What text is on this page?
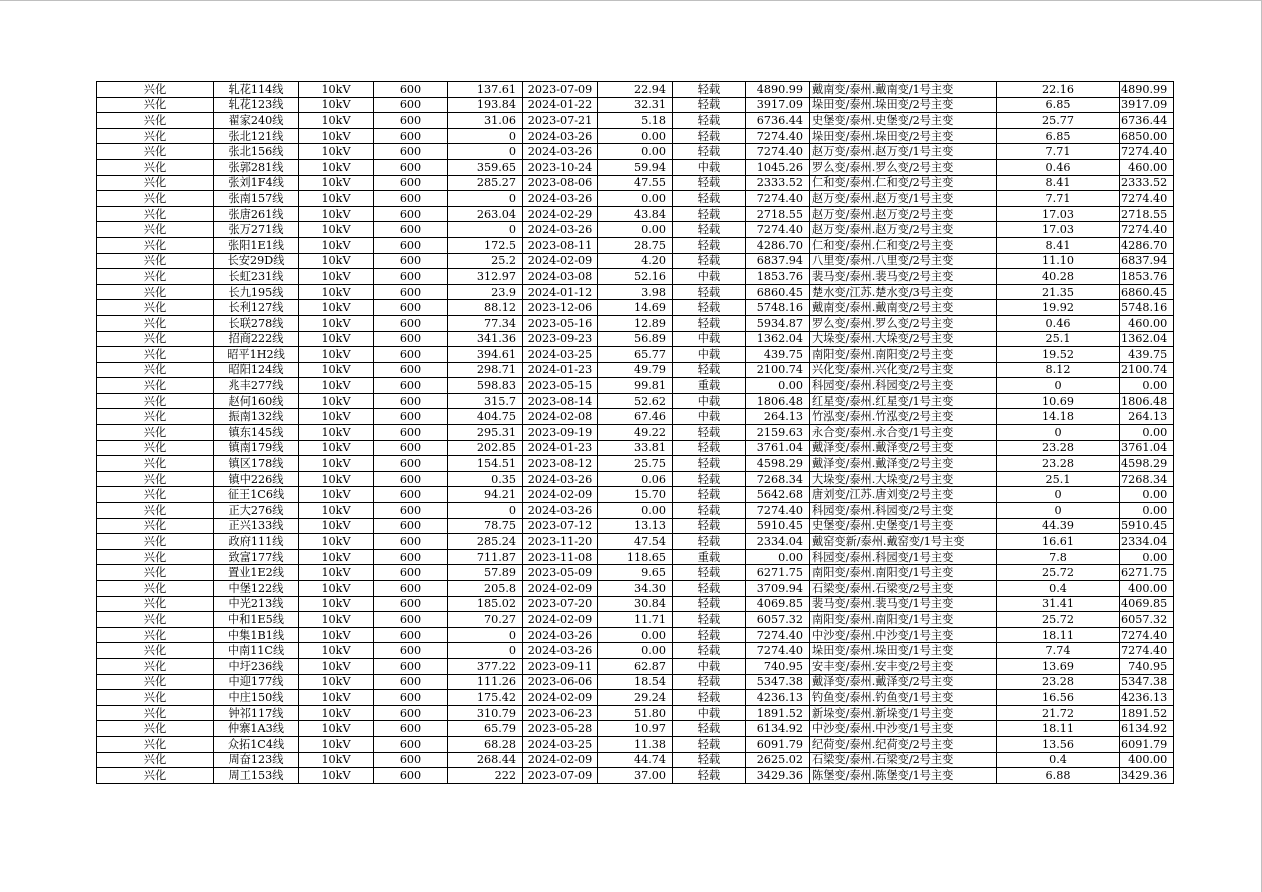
兴化	轧花114线	10kV	600	137.61	2023-07-09	22.94	轻载	4890.99	戴南变/泰州.戴南变/1号主变	22.16	4890.99
兴化	轧花123线	10kV	600	193.84	2024-01-22	32.31	轻载	3917.09	垛田变/泰州.垛田变/2号主变	6.85	3917.09
兴化	翟家240线	10kV	600	31.06	2023-07-21	5.18	轻载	6736.44	史堡变/泰州.史堡变/2号主变	25.77	6736.44
兴化	张北121线	10kV	600	0	2024-03-26	0.00	轻载	7274.40	垛田变/泰州.垛田变/2号主变	6.85	6850.00
兴化	张北156线	10kV	600	0	2024-03-26	0.00	轻载	7274.40	赵万变/泰州.赵万变/1号主变	7.71	7274.40
兴化	张郭281线	10kV	600	359.65	2023-10-24	59.94	中载	1045.26	罗么变/泰州.罗么变/2号主变	0.46	460.00
兴化	张刘1F4线	10kV	600	285.27	2023-08-06	47.55	轻载	2333.52	仁和变/泰州.仁和变/2号主变	8.41	2333.52
兴化	张南157线	10kV	600	0	2024-03-26	0.00	轻载	7274.40	赵万变/泰州.赵万变/1号主变	7.71	7274.40
兴化	张唐261线	10kV	600	263.04	2024-02-29	43.84	轻载	2718.55	赵万变/泰州.赵万变/2号主变	17.03	2718.55
兴化	张万271线	10kV	600	0	2024-03-26	0.00	轻载	7274.40	赵万变/泰州.赵万变/2号主变	17.03	7274.40
兴化	张阳1E1线	10kV	600	172.5	2023-08-11	28.75	轻载	4286.70	仁和变/泰州.仁和变/2号主变	8.41	4286.70
兴化	长安29D线	10kV	600	25.2	2024-02-09	4.20	轻载	6837.94	八里变/泰州.八里变/2号主变	11.10	6837.94
兴化	长虹231线	10kV	600	312.97	2024-03-08	52.16	中载	1853.76	裴马变/泰州.裴马变/2号主变	40.28	1853.76
兴化	长九195线	10kV	600	23.9	2024-01-12	3.98	轻载	6860.45	楚水变/江苏.楚水变/3号主变	21.35	6860.45
兴化	长利127线	10kV	600	88.12	2023-12-06	14.69	轻载	5748.16	戴南变/泰州.戴南变/2号主变	19.92	5748.16
兴化	长联278线	10kV	600	77.34	2023-05-16	12.89	轻载	5934.87	罗么变/泰州.罗么变/2号主变	0.46	460.00
兴化	招商222线	10kV	600	341.36	2023-09-23	56.89	中载	1362.04	大垛变/泰州.大垛变/2号主变	25.1	1362.04
兴化	昭平1H2线	10kV	600	394.61	2024-03-25	65.77	中载	439.75	南阳变/泰州.南阳变/2号主变	19.52	439.75
兴化	昭阳124线	10kV	600	298.71	2024-01-23	49.79	轻载	2100.74	兴化变/泰州.兴化变/2号主变	8.12	2100.74
兴化	兆丰277线	10kV	600	598.83	2023-05-15	99.81	重载	0.00	科园变/泰州.科园变/2号主变	0	0.00
兴化	赵何160线	10kV	600	315.7	2023-08-14	52.62	中载	1806.48	红星变/泰州.红星变/1号主变	10.69	1806.48
兴化	振南132线	10kV	600	404.75	2024-02-08	67.46	中载	264.13	竹泓变/泰州.竹泓变/2号主变	14.18	264.13
兴化	镇东145线	10kV	600	295.31	2023-09-19	49.22	轻载	2159.63	永合变/泰州.永合变/1号主变	0	0.00
兴化	镇南179线	10kV	600	202.85	2024-01-23	33.81	轻载	3761.04	戴泽变/泰州.戴泽变/2号主变	23.28	3761.04
兴化	镇区178线	10kV	600	154.51	2023-08-12	25.75	轻载	4598.29	戴泽变/泰州.戴泽变/2号主变	23.28	4598.29
兴化	镇中226线	10kV	600	0.35	2024-03-26	0.06	轻载	7268.34	大垛变/泰州.大垛变/2号主变	25.1	7268.34
兴化	征王1C6线	10kV	600	94.21	2024-02-09	15.70	轻载	5642.68	唐刘变/江苏.唐刘变/2号主变	0	0.00
兴化	正大276线	10kV	600	0	2024-03-26	0.00	轻载	7274.40	科园变/泰州.科园变/2号主变	0	0.00
兴化	正兴133线	10kV	600	78.75	2023-07-12	13.13	轻载	5910.45	史堡变/泰州.史堡变/1号主变	44.39	5910.45
兴化	政府111线	10kV	600	285.24	2023-11-20	47.54	轻载	2334.04	戴窑变新/泰州.戴窑变/1号主变	16.61	2334.04
兴化	致富177线	10kV	600	711.87	2023-11-08	118.65	重载	0.00	科园变/泰州.科园变/1号主变	7.8	0.00
兴化	置业1E2线	10kV	600	57.89	2023-05-09	9.65	轻载	6271.75	南阳变/泰州.南阳变/1号主变	25.72	6271.75
兴化	中堡122线	10kV	600	205.8	2024-02-09	34.30	轻载	3709.94	石梁变/泰州.石梁变/2号主变	0.4	400.00
兴化	中光213线	10kV	600	185.02	2023-07-20	30.84	轻载	4069.85	裴马变/泰州.裴马变/1号主变	31.41	4069.85
兴化	中和1E5线	10kV	600	70.27	2024-02-09	11.71	轻载	6057.32	南阳变/泰州.南阳变/1号主变	25.72	6057.32
兴化	中集1B1线	10kV	600	0	2024-03-26	0.00	轻载	7274.40	中沙变/泰州.中沙变/1号主变	18.11	7274.40
兴化	中南11C线	10kV	600	0	2024-03-26	0.00	轻载	7274.40	垛田变/泰州.垛田变/1号主变	7.74	7274.40
兴化	中圩236线	10kV	600	377.22	2023-09-11	62.87	中载	740.95	安丰变/泰州.安丰变/2号主变	13.69	740.95
兴化	中迎177线	10kV	600	111.26	2023-06-06	18.54	轻载	5347.38	戴泽变/泰州.戴泽变/2号主变	23.28	5347.38
兴化	中庄150线	10kV	600	175.42	2024-02-09	29.24	轻载	4236.13	钓鱼变/泰州.钓鱼变/1号主变	16.56	4236.13
兴化	钟祁117线	10kV	600	310.79	2023-06-23	51.80	中载	1891.52	新垛变/泰州.新垛变/1号主变	21.72	1891.52
兴化	仲寨1A3线	10kV	600	65.79	2023-05-28	10.97	轻载	6134.92	中沙变/泰州.中沙变/1号主变	18.11	6134.92
兴化	众拓1C4线	10kV	600	68.28	2024-03-25	11.38	轻载	6091.79	纪荷变/泰州.纪荷变/2号主变	13.56	6091.79
兴化	周奋123线	10kV	600	268.44	2024-02-09	44.74	轻载	2625.02	石梁变/泰州.石梁变/2号主变	0.4	400.00
兴化	周工153线	10kV	600	222	2023-07-09	37.00	轻载	3429.36	陈堡变/泰州.陈堡变/1号主变	6.88	3429.36
